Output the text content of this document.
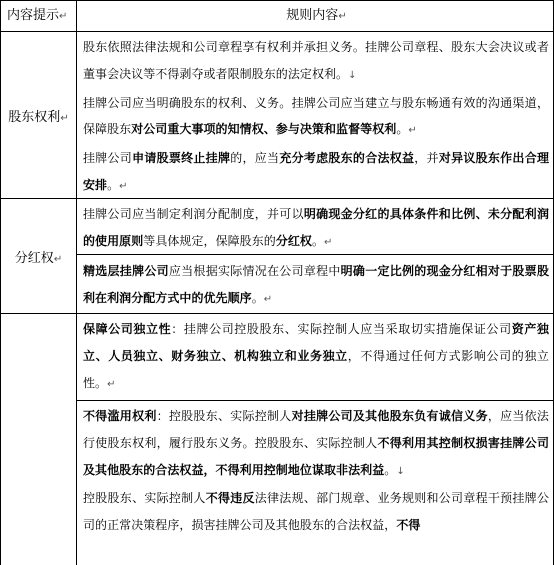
内容提示↵	规则内容↵
股东权利↵

股东依照法律法规和公司章程享有权利并承担义务。挂牌公司章程、股东大会决议或者董事会决议等不得剥夺或者限制股东的法定权利。↓

挂牌公司应当明确股东的权利、义务。挂牌公司应当建立与股东畅通有效的沟通渠道，保障股东对公司重大事项的知情权、参与决策和监督等权利。↵

挂牌公司申请股票终止挂牌的，应当充分考虑股东的合法权益，并对异议股东作出合理安排。↵

分红权↵

挂牌公司应当制定利润分配制度，并可以明确现金分红的具体条件和比例、未分配利润的使用原则等具体规定，保障股东的分红权。↵

精选层挂牌公司应当根据实际情况在公司章程中明确一定比例的现金分红相对于股票股利在利润分配方式中的优先顺序。↵

保障公司独立性：挂牌公司控股股东、实际控制人应当采取切实措施保证公司资产独立、人员独立、财务独立、机构独立和业务独立，不得通过任何方式影响公司的独立性。↵

不得滥用权利：控股股东、实际控制人对挂牌公司及其他股东负有诚信义务，应当依法行使股东权利，履行股东义务。控股股东、实际控制人不得利用其控制权损害挂牌公司及其他股东的合法权益，不得利用控制地位谋取非法利益。↓

控股股东、实际控制人不得违反法律法规、部门规章、业务规则和公司章程干预挂牌公司的正常决策程序，损害挂牌公司及其他股东的合法权益，不得
